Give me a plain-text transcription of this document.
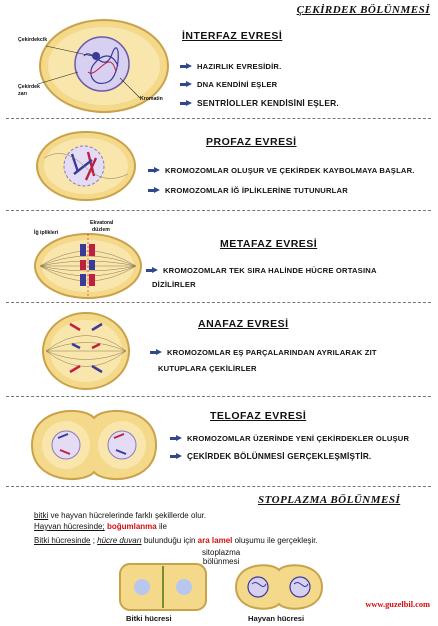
ÇEKİRDEK BÖLÜNMESİ
Çekirdekcik
Çekirdek
zarı
Kromatin
İNTERFAZ EVRESİ
HAZIRLIK EVRESİDİR.
DNA KENDİNİ EŞLER
SENTRİOLLER KENDİSİNİ EŞLER.
PROFAZ EVRESİ
KROMOZOMLAR OLUŞUR VE ÇEKİRDEK KAYBOLMAYA BAŞLAR.
KROMOZOMLAR İĞ İPLİKLERİNE TUTUNURLAR
İğ iplikleri
Ekvatoral
düzlem
METAFAZ EVRESİ
KROMOZOMLAR TEK SIRA HALİNDE HÜCRE ORTASINA
DİZİLİRLER
ANAFAZ EVRESİ
KROMOZOMLAR EŞ PARÇALARINDAN AYRILARAK ZIT
KUTUPLARA ÇEKİLİRLER
TELOFAZ EVRESİ
KROMOZOMLAR ÜZERİNDE YENİ ÇEKİRDEKLER OLUŞUR
ÇEKİRDEK BÖLÜNMESİ GERÇEKLEŞMİŞTİR.
STOPLAZMA BÖLÜNMESİ
bitki ve hayvan hücrelerinde farklı şekillerde olur.
Hayvan hücresinde; boğumlanma ile
Bitki hücresinde ; hücre duvarı bulunduğu için ara lamel oluşumu ile gerçekleşir.
sitoplazma
bölünmesi
Bitki hücresi	Hayvan hücresi
www.guzelbil.com
